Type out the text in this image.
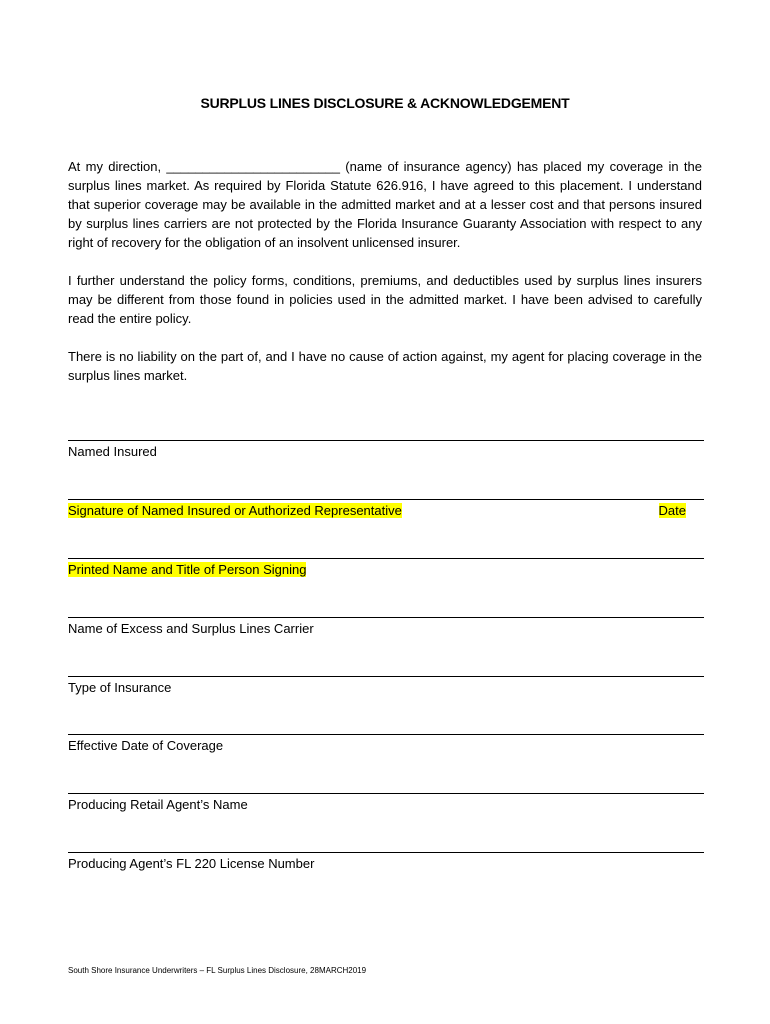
SURPLUS LINES DISCLOSURE & ACKNOWLEDGEMENT

At my direction, ________________________ (name of insurance agency) has placed my coverage in the surplus lines market. As required by Florida Statute 626.916, I have agreed to this placement. I understand that superior coverage may be available in the admitted market and at a lesser cost and that persons insured by surplus lines carriers are not protected by the Florida Insurance Guaranty Association with respect to any right of recovery for the obligation of an insolvent unlicensed insurer.

I further understand the policy forms, conditions, premiums, and deductibles used by surplus lines insurers may be different from those found in policies used in the admitted market. I have been advised to carefully read the entire policy.

There is no liability on the part of, and I have no cause of action against, my agent for placing coverage in the surplus lines market.

Named Insured
Signature of Named Insured or Authorized Representative	Date
Printed Name and Title of Person Signing
Name of Excess and Surplus Lines Carrier
Type of Insurance
Effective Date of Coverage
Producing Retail Agent’s Name
Producing Agent’s FL 220 License Number
South Shore Insurance Underwriters – FL Surplus Lines Disclosure, 28MARCH2019
